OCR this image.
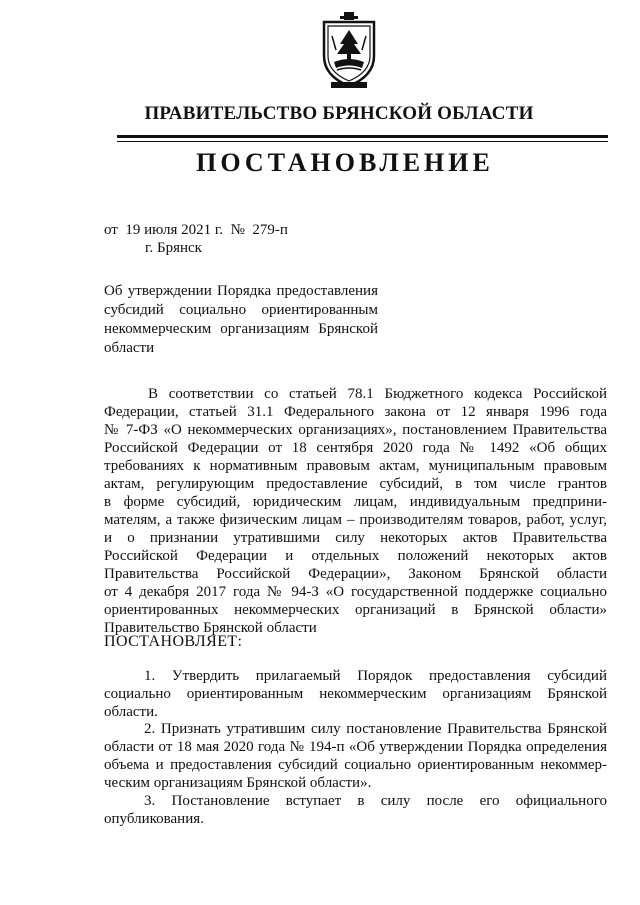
ПРАВИТЕЛЬСТВО БРЯНСКОЙ ОБЛАСТИ
ПОСТАНОВЛЕНИЕ
от  19 июля 2021 г.  №  279-п
г. Брянск
Об утверждении Порядка предоставления
субсидий социально ориентированным
некоммерческим организациям Брянской
области
В соответствии со статьей 78.1 Бюджетного кодекса Российской
Федерации, статьей 31.1 Федерального закона от 12 января 1996 года
№ 7-ФЗ «О некоммерческих организациях», постановлением Правительства
Российской Федерации от 18 сентября 2020 года № 1492 «Об общих
требованиях к нормативным правовым актам, муниципальным правовым
актам, регулирующим предоставление субсидий, в том числе грантов
в форме субсидий, юридическим лицам, индивидуальным предприни-
мателям, а также физическим лицам – производителям товаров, работ, услуг,
и о признании утратившими силу некоторых актов Правительства
Российской Федерации и отдельных положений некоторых актов
Правительства Российской Федерации», Законом Брянской области
от 4 декабря 2017 года № 94-З «О государственной поддержке социально
ориентированных некоммерческих организаций в Брянской области»
Правительство Брянской области
ПОСТАНОВЛЯЕТ:
1. Утвердить прилагаемый Порядок предоставления субсидий
социально ориентированным некоммерческим организациям Брянской
области.
2. Признать утратившим силу постановление Правительства Брянской
области от 18 мая 2020 года № 194-п «Об утверждении Порядка определения
объема и предоставления субсидий социально ориентированным некоммер-
ческим организациям Брянской области».
3. Постановление вступает в силу после его официального
опубликования.
